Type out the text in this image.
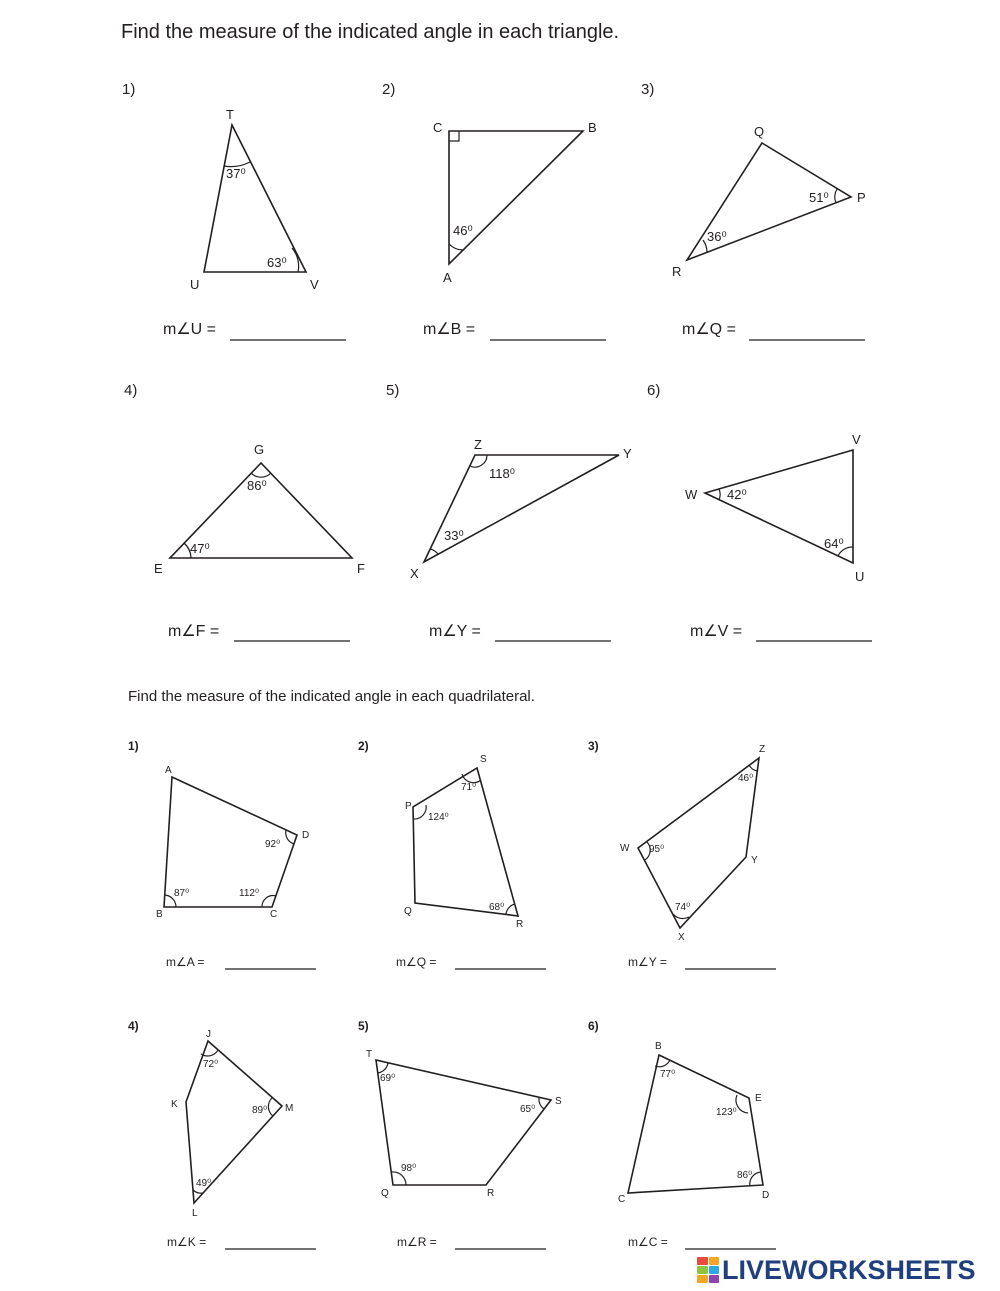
Find the measure of the indicated angle in each triangle.
Find the measure of the indicated angle in each quadrilateral.
1)
T
U	V
37⁰
63⁰
m∠U =
2)
C	B
A
46⁰
m∠B =
3)
Q
P
R
51⁰
36⁰
m∠Q =
4)
G
E	F
86⁰
47⁰
m∠F =
5)
Z
Y
X
118⁰
33⁰
m∠Y =
6)
V
W
U
42⁰
64⁰
m∠V =
1)
A
D
B	C
92⁰
87⁰	112⁰
m∠A =
2)
S
P
Q
R
71⁰
124⁰
68⁰
m∠Q =
3)	Z
W
Y
X
46⁰
95⁰
74⁰
m∠Y =
4)
J
K	M
L
72⁰
89⁰
49⁰
m∠K =
5)
T
S
Q	R
69⁰
65⁰
98⁰
m∠R =
6)
B
E
C	D
77⁰
123⁰
86⁰
m∠C =
LIVEWORKSHEETS
